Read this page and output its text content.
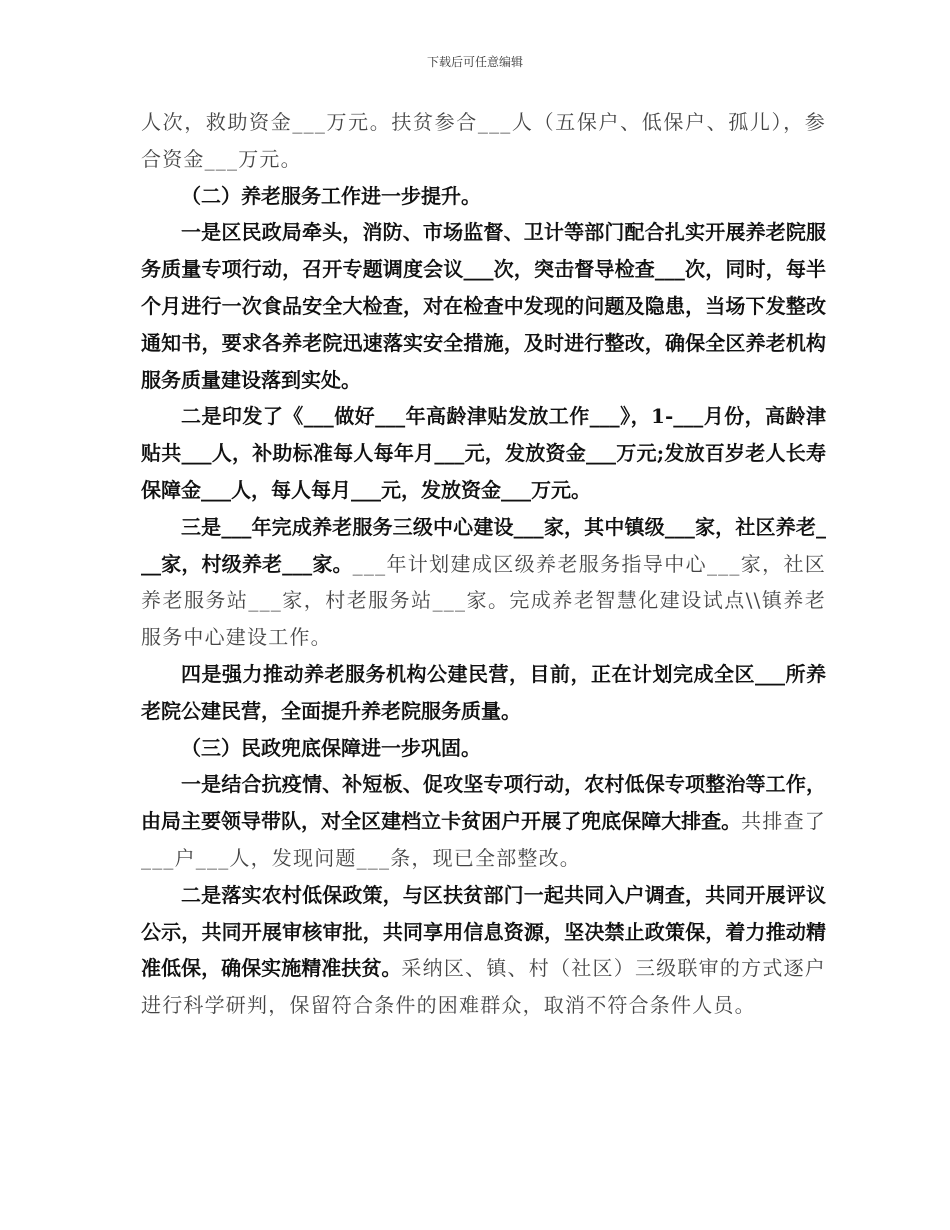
下载后可任意编辑

人次，救助资金___万元。扶贫参合___人（五保户、低保户、孤儿），参合资金___万元。

（二）养老服务工作进一步提升。

一是区民政局牵头，消防、市场监督、卫计等部门配合扎实开展养老院服务质量专项行动，召开专题调度会议___次，突击督导检查___次，同时，每半个月进行一次食品安全大检查，对在检查中发现的问题及隐患，当场下发整改通知书，要求各养老院迅速落实安全措施，及时进行整改，确保全区养老机构服务质量建设落到实处。

二是印发了《___做好___年高龄津贴发放工作___》，1-___月份，高龄津贴共___人，补助标准每人每年月___元，发放资金___万元;发放百岁老人长寿保障金___人，每人每月___元，发放资金___万元。

三是___年完成养老服务三级中心建设___家，其中镇级___家，社区养老___家，村级养老___家。___年计划建成区级养老服务指导中心___家，社区养老服务站___家，村老服务站___家。完成养老智慧化建设试点\\镇养老服务中心建设工作。

四是强力推动养老服务机构公建民营，目前，正在计划完成全区___所养老院公建民营，全面提升养老院服务质量。

（三）民政兜底保障进一步巩固。

一是结合抗疫情、补短板、促攻坚专项行动，农村低保专项整治等工作，由局主要领导带队，对全区建档立卡贫困户开展了兜底保障大排查。共排查了___户___人，发现问题___条，现已全部整改。

二是落实农村低保政策，与区扶贫部门一起共同入户调查，共同开展评议公示，共同开展审核审批，共同享用信息资源，坚决禁止政策保，着力推动精准低保，确保实施精准扶贫。采纳区、镇、村（社区）三级联审的方式逐户进行科学研判，保留符合条件的困难群众，取消不符合条件人员。
